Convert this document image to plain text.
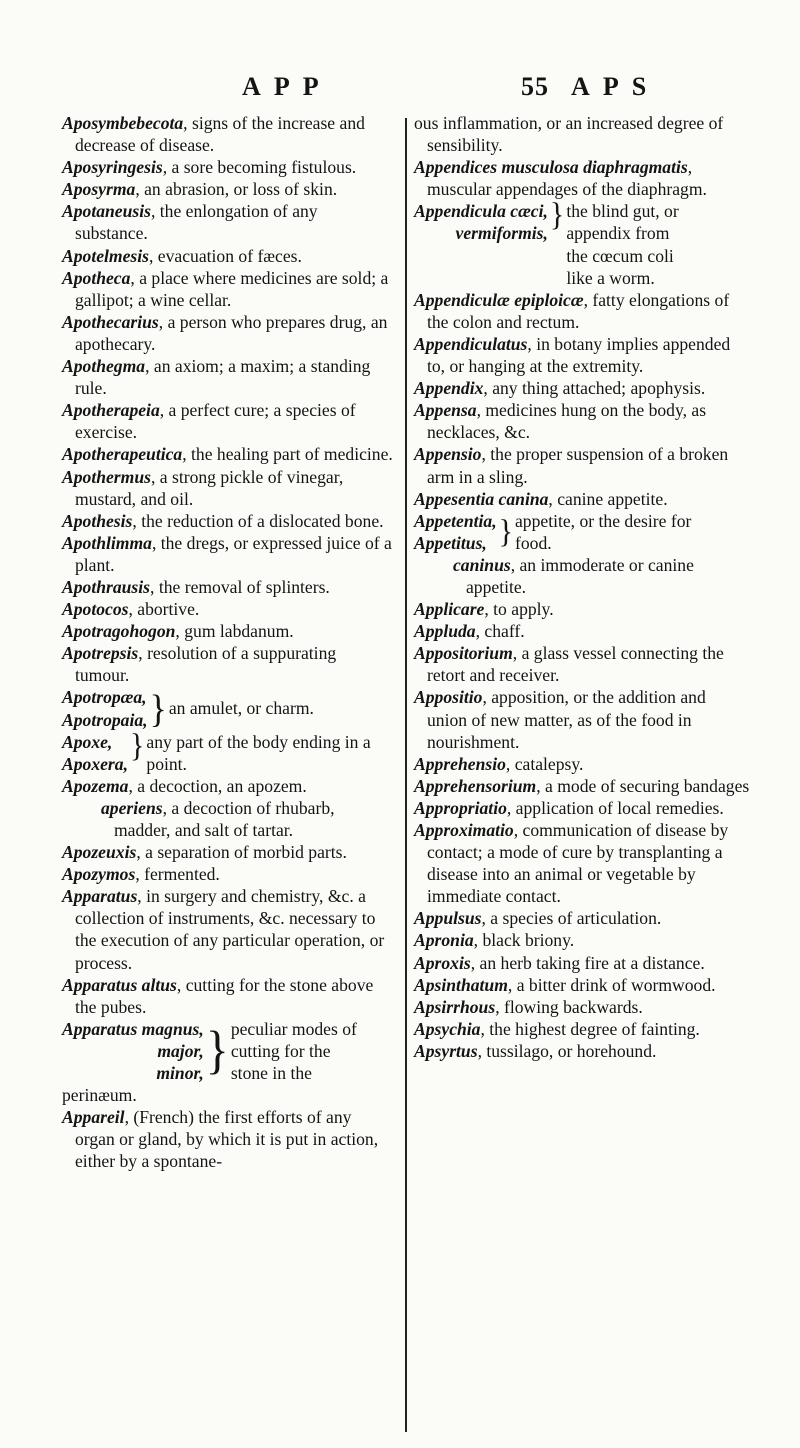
A P P	55 A P S

Aposymbebecota, signs of the increase and decrease of disease.

Aposyringesis, a sore becoming fistulous.

Aposyrma, an abrasion, or loss of skin.

Apotaneusis, the enlongation of any substance.

Apotelmesis, evacuation of fæces.

Apotheca, a place where medicines are sold; a gallipot; a wine cellar.

Apothecarius, a person who prepares drug, an apothecary.

Apothegma, an axiom; a maxim; a standing rule.

Apotherapeia, a perfect cure; a species of exercise.

Apotherapeutica, the healing part of medicine.

Apothermus, a strong pickle of vinegar, mustard, and oil.

Apothesis, the reduction of a dislocated bone.

Apothlimma, the dregs, or expressed juice of a plant.

Apothrausis, the removal of splinters.

Apotocos, abortive.

Apotragohogon, gum labdanum.

Apotrepsis, resolution of a suppurating tumour.

Apotropæa,
Apotropaia, } an amulet, or charm.
Apoxe,
Apoxera,
} any part of the body ending in a point.

Apozema, a decoction, an apozem.

aperiens, a decoction of rhubarb, madder, and salt of tartar.

Apozeuxis, a separation of morbid parts.

Apozymos, fermented.

Apparatus, in surgery and chemistry, &c. a collection of instruments, &c. necessary to the execution of any particular operation, or process.

Apparatus altus, cutting for the stone above the pubes.

Apparatus magnus,
major,
minor, } peculiar modes of cutting for the stone in the

perinæum.

Appareil, (French) the first efforts of any organ or gland, by which it is put in action, either by a spontane-

ous inflammation, or an increased degree of sensibility.

Appendices musculosa diaphragmatis, muscular appendages of the diaphragm.

Appendicula cæci,
vermiformis,
} the blind gut, or appendix from the cœcum coli like a worm.

Appendiculæ epiploicæ, fatty elongations of the colon and rectum.

Appendiculatus, in botany implies appended to, or hanging at the extremity.

Appendix, any thing attached; apophysis.

Appensa, medicines hung on the body, as necklaces, &c.

Appensio, the proper suspension of a broken arm in a sling.

Appesentia canina, canine appetite.

Appetentia,
Appetitus, } appetite, or the desire for food.

caninus, an immoderate or canine appetite.

Applicare, to apply.

Appluda, chaff.

Appositorium, a glass vessel connecting the retort and receiver.

Appositio, apposition, or the addition and union of new matter, as of the food in nourishment.

Apprehensio, catalepsy.

Apprehensorium, a mode of securing bandages

Appropriatio, application of local remedies.

Approximatio, communication of disease by contact; a mode of cure by transplanting a disease into an animal or vegetable by immediate contact.

Appulsus, a species of articulation.

Apronia, black briony.

Aproxis, an herb taking fire at a distance.

Apsinthatum, a bitter drink of wormwood.

Apsirrhous, flowing backwards.

Apsychia, the highest degree of fainting.

Apsyrtus, tussilago, or horehound.
